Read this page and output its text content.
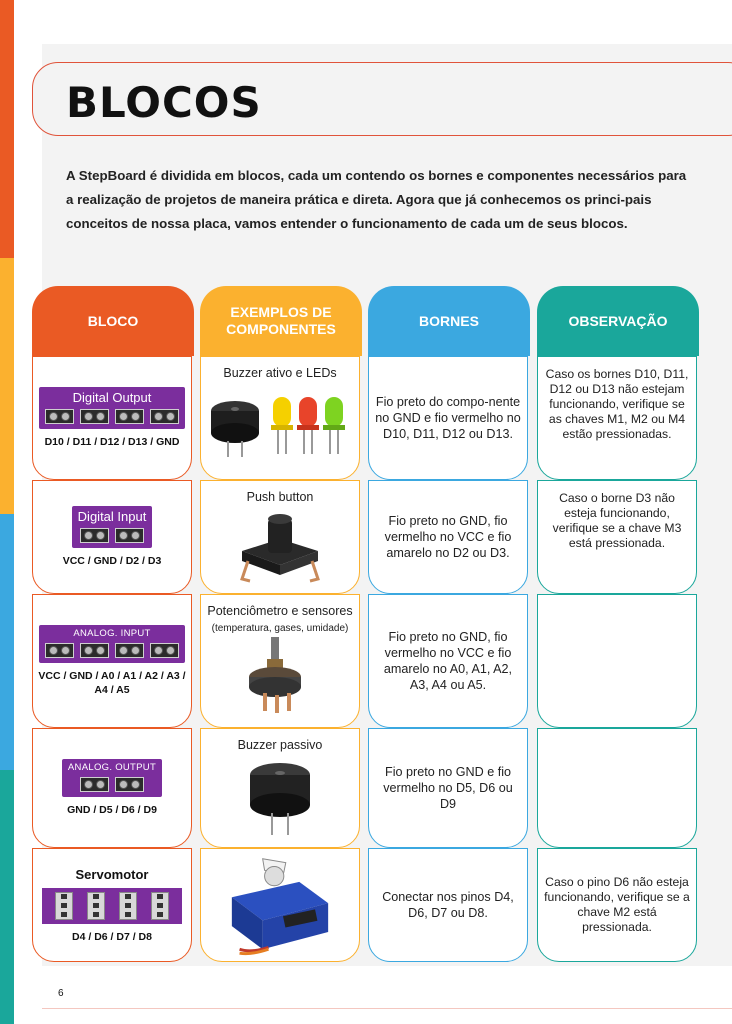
BLOCOS

A StepBoard é dividida em blocos, cada um contendo os bornes e componentes necessários para a realização de projetos de maneira prática e direta. Agora que já conhecemos os princi-pais conceitos de nossa placa, vamos entender o funcionamento de cada um de seus blocos.

BLOCO
Digital Output
D10 / D11 / D12 / D13 / GND
Digital Input
VCC / GND / D2 / D3
ANALOG. INPUT
VCC / GND / A0 / A1 / A2 / A3 / A4 / A5
ANALOG. OUTPUT
GND / D5 / D6 / D9
Servomotor
D4 / D6 / D7 / D8
EXEMPLOS DE
COMPONENTES
Buzzer ativo e LEDs
Push button
Potenciômetro e sensores (temperatura, gases, umidade)
Buzzer passivo
BORNES
Fio preto do compo-nente no GND e fio vermelho no D10, D11, D12 ou D13.
Fio preto no GND, fio vermelho no VCC e fio amarelo no D2 ou D3.
Fio preto no GND, fio vermelho no VCC e fio amarelo no A0, A1, A2, A3, A4 ou A5.
Fio preto no GND e fio vermelho no D5, D6 ou D9
Conectar nos pinos D4, D6, D7 ou D8.
OBSERVAÇÃO
Caso os bornes D10, D11, D12 ou D13 não estejam funcionando, verifique se as chaves M1, M2 ou M4 estão pressionadas.
Caso o borne D3 não esteja funcionando, verifique se a chave M3 está pressionada.
Caso o pino D6 não esteja funcionando, verifique se a chave M2 está pressionada.
6
